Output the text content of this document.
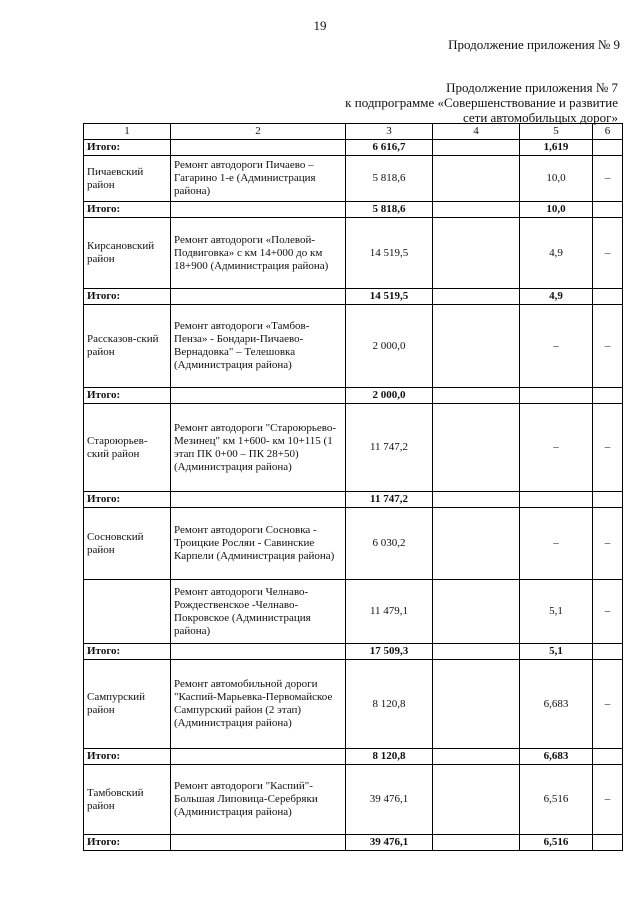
19
Продолжение приложения № 9
Продолжение приложения № 7
к подпрограмме «Совершенствование и развитие
сети автомобильцых дорог»
1	2	3	4	5	6
Итого:		6 616,7		1,619	
Пичаевский район	Ремонт автодороги Пичаево – Гагарино 1-е (Администрация района)	5 818,6		10,0	–
Итого:		5 818,6		10,0	
Кирсановский район	Ремонт автодороги «Полевой-Подвиговка» с км 14+000 до км 18+900 (Администрация района)	14 519,5		4,9	–
Итого:		14 519,5		4,9	
Рассказов-ский район	Ремонт автодороги «Тамбов-Пенза» - Бондари-Пичаево-Вернадовка" – Телешовка (Администрация района)	2 000,0		–	–
Итого:		2 000,0			
Староюрьев-ский район	Ремонт автодороги "Староюрьево-Мезинец" км 1+600- км 10+115 (1 этап ПК 0+00 – ПК 28+50) (Администрация района)	11 747,2		–	–
Итого:		11 747,2			
Сосновский район	Ремонт автодороги Сосновка - Троицкие Росляи - Савинские Карпели (Администрация района)	6 030,2		–	–
	Ремонт автодороги Челнаво- Рождественское -Челнаво-Покровское (Администрация района)	11 479,1		5,1	–
Итого:		17 509,3		5,1	
Сампурский район	Ремонт автомобильной дороги "Каспий-Марьевка-Первомайское Сампурский район (2 этап) (Администрация района)	8 120,8		6,683	–
Итого:		8 120,8		6,683	
Тамбовский район	Ремонт автодороги "Каспий"-Большая Липовица-Серебряки (Администрация района)	39 476,1		6,516	–
Итого:		39 476,1		6,516	
